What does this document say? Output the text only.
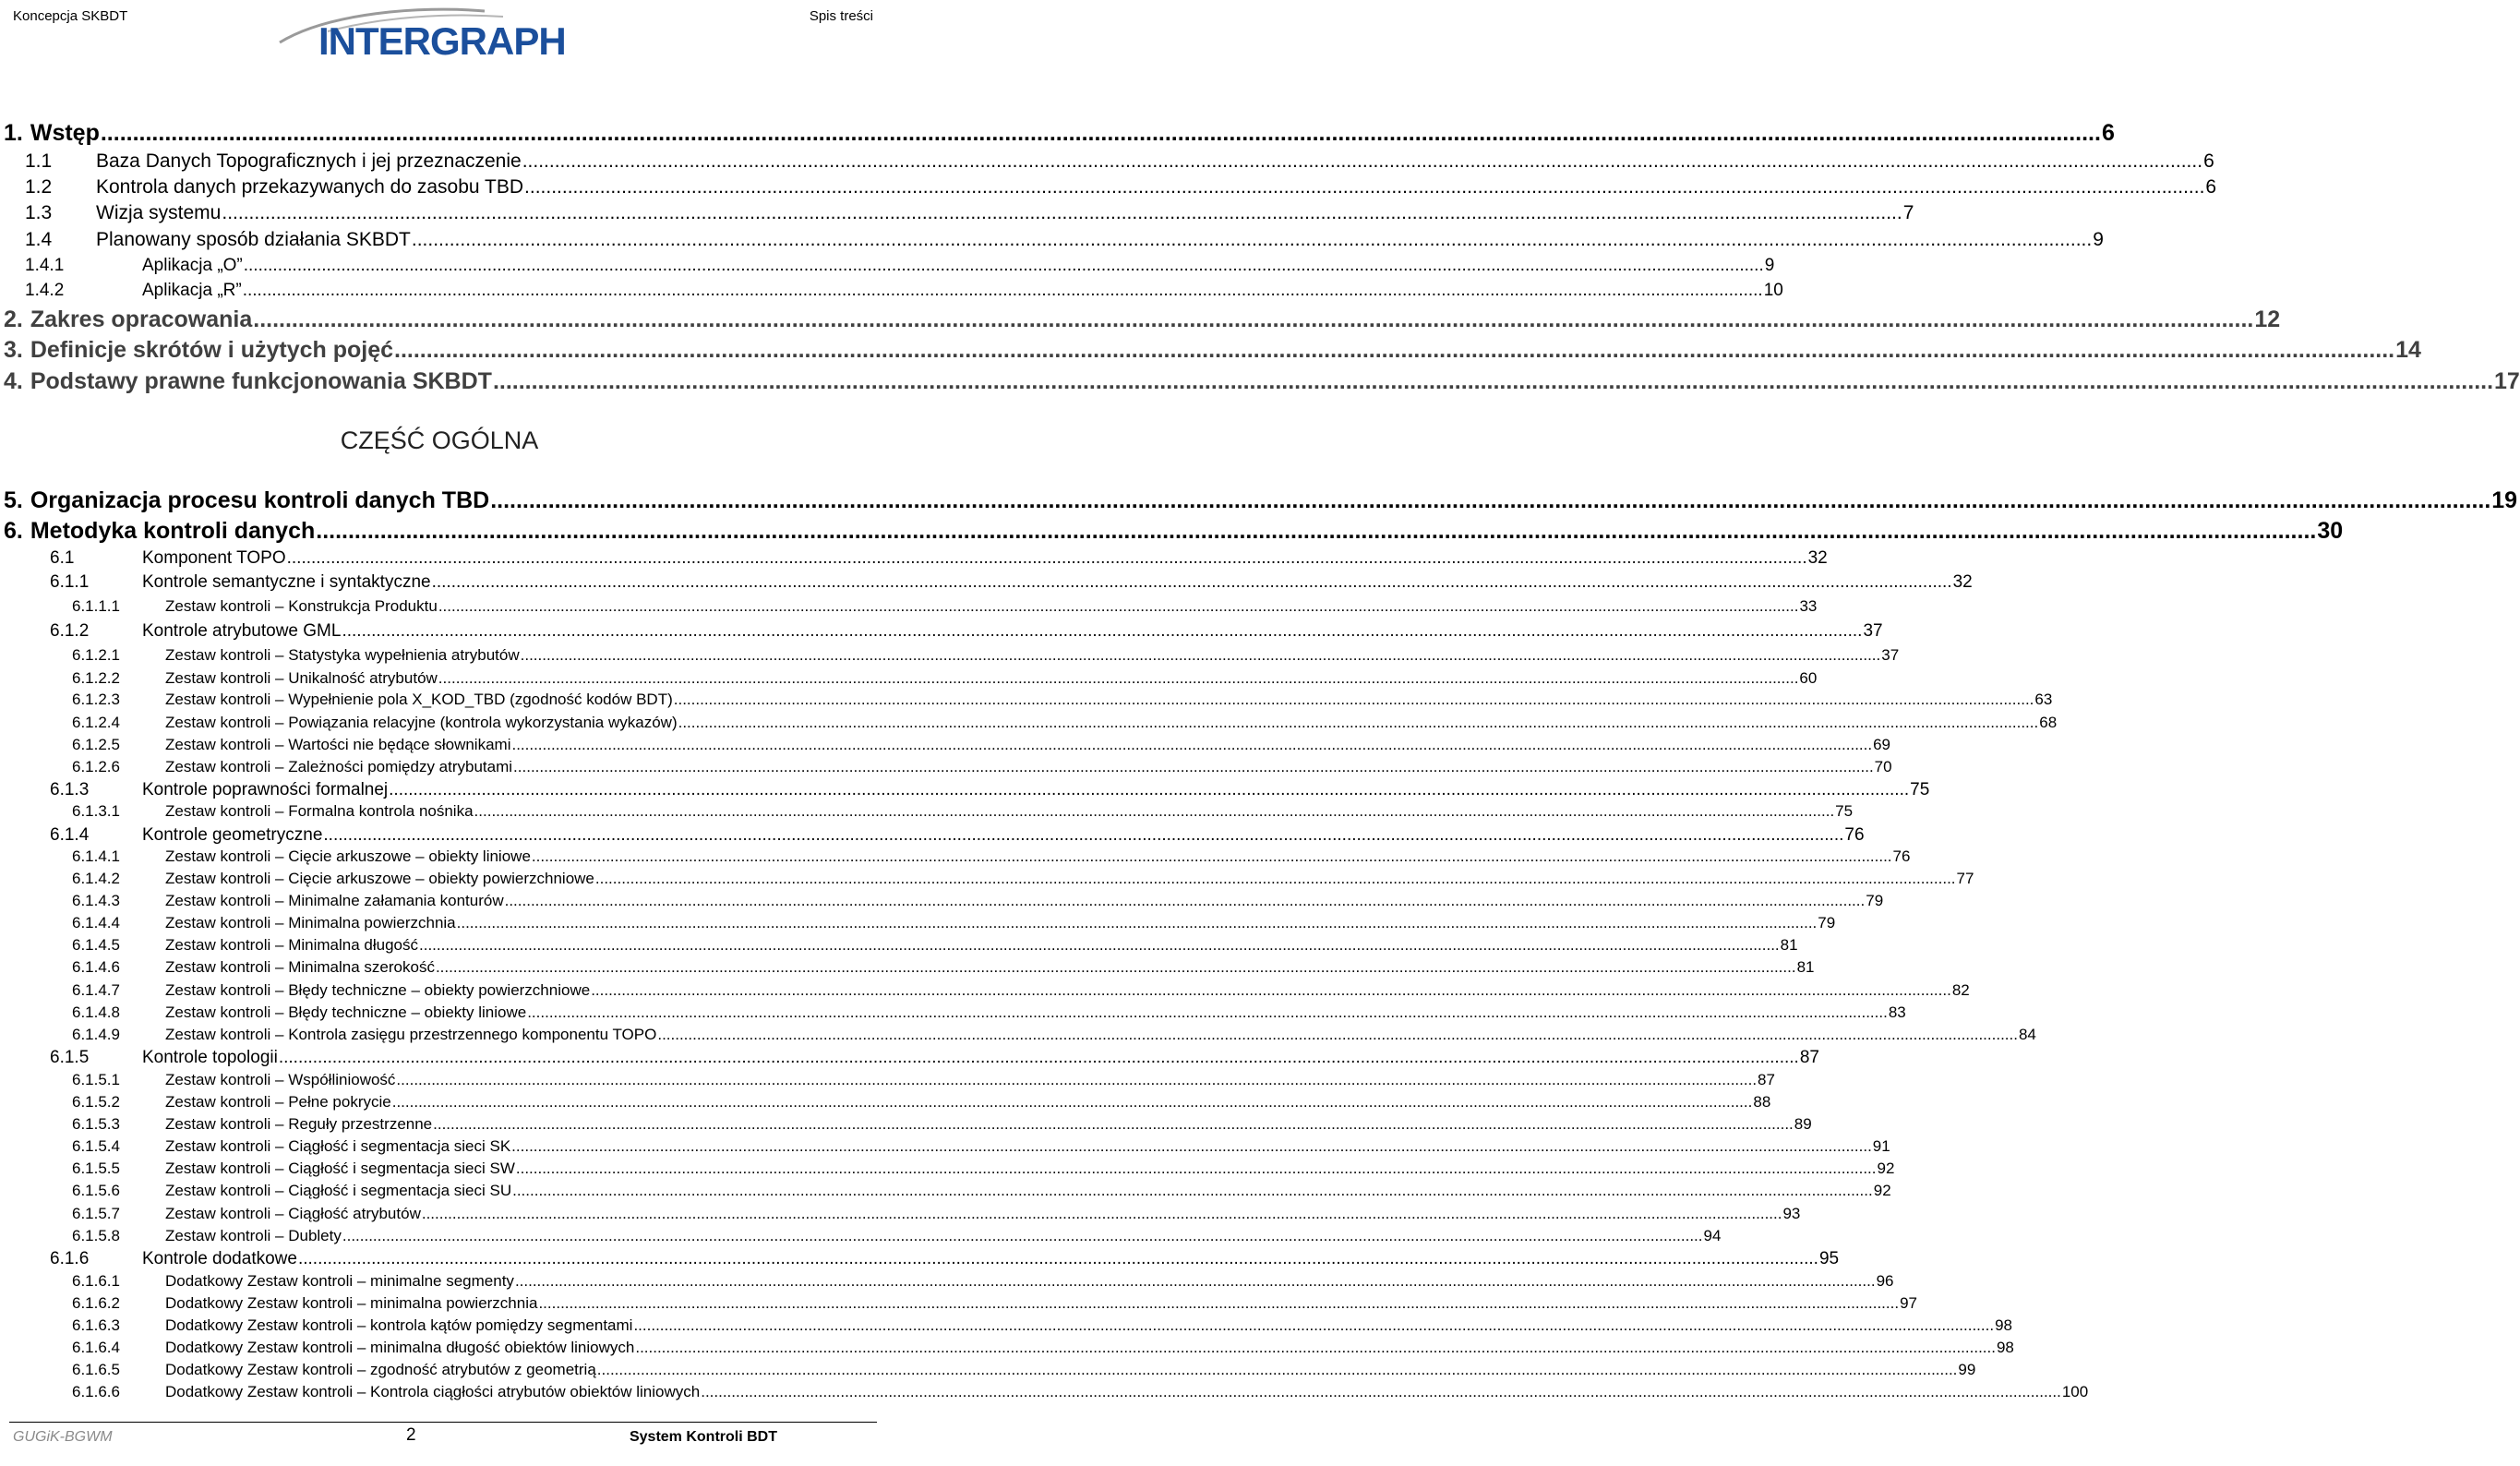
Koncepcja SKBDT
INTERGRAPH
Spis treści
1. Wstęp .....	6
1.1	Baza Danych Topograficznych i jej przeznaczenie .....	6
1.2	Kontrola danych przekazywanych do zasobu TBD .....	6
1.3	Wizja systemu .....	7
1.4	Planowany sposób działania SKBDT .....	9
1.4.1	Aplikacja „O” .....	9
1.4.2	Aplikacja „R” .....	10
2. Zakres opracowania .....	12
3. Definicje skrótów i użytych pojęć .....	14
4. Podstawy prawne funkcjonowania SKBDT .....	17
5. Organizacja procesu kontroli danych TBD .....	19
6. Metodyka kontroli danych .....	30
6.1	Komponent TOPO .....	32
6.1.1	Kontrole semantyczne i syntaktyczne .....	32
6.1.1.1	Zestaw kontroli – Konstrukcja Produktu .....	33
6.1.2	Kontrole atrybutowe GML .....	37
6.1.2.1	Zestaw kontroli – Statystyka wypełnienia atrybutów .....	37
6.1.2.2	Zestaw kontroli – Unikalność atrybutów .....	60
6.1.2.3	Zestaw kontroli – Wypełnienie pola X_KOD_TBD (zgodność kodów BDT) .....	63
6.1.2.4	Zestaw kontroli – Powiązania relacyjne (kontrola wykorzystania wykazów) .....	68
6.1.2.5	Zestaw kontroli – Wartości nie będące słownikami .....	69
6.1.2.6	Zestaw kontroli – Zależności pomiędzy atrybutami .....	70
6.1.3	Kontrole poprawności formalnej .....	75
6.1.3.1	Zestaw kontroli – Formalna kontrola nośnika .....	75
6.1.4	Kontrole geometryczne .....	76
6.1.4.1	Zestaw kontroli – Cięcie arkuszowe – obiekty liniowe .....	76
6.1.4.2	Zestaw kontroli – Cięcie arkuszowe – obiekty powierzchniowe .....	77
6.1.4.3	Zestaw kontroli – Minimalne załamania konturów .....	79
6.1.4.4	Zestaw kontroli – Minimalna powierzchnia .....	79
6.1.4.5	Zestaw kontroli – Minimalna długość .....	81
6.1.4.6	Zestaw kontroli – Minimalna szerokość .....	81
6.1.4.7	Zestaw kontroli – Błędy techniczne – obiekty powierzchniowe .....	82
6.1.4.8	Zestaw kontroli – Błędy techniczne – obiekty liniowe .....	83
6.1.4.9	Zestaw kontroli – Kontrola zasięgu przestrzennego komponentu TOPO .....	84
6.1.5	Kontrole topologii .....	87
6.1.5.1	Zestaw kontroli – Współliniowość .....	87
6.1.5.2	Zestaw kontroli – Pełne pokrycie .....	88
6.1.5.3	Zestaw kontroli – Reguły przestrzenne .....	89
6.1.5.4	Zestaw kontroli – Ciągłość i segmentacja sieci SK .....	91
6.1.5.5	Zestaw kontroli – Ciągłość i segmentacja sieci SW .....	92
6.1.5.6	Zestaw kontroli – Ciągłość i segmentacja sieci SU .....	92
6.1.5.7	Zestaw kontroli – Ciągłość atrybutów .....	93
6.1.5.8	Zestaw kontroli – Dublety .....	94
6.1.6	Kontrole dodatkowe .....	95
6.1.6.1	Dodatkowy Zestaw kontroli – minimalne segmenty .....	96
6.1.6.2	Dodatkowy Zestaw kontroli – minimalna powierzchnia .....	97
6.1.6.3	Dodatkowy Zestaw kontroli – kontrola kątów pomiędzy segmentami .....	98
6.1.6.4	Dodatkowy Zestaw kontroli – minimalna długość obiektów liniowych .....	98
6.1.6.5	Dodatkowy Zestaw kontroli – zgodność atrybutów z geometrią .....	99
6.1.6.6	Dodatkowy Zestaw kontroli – Kontrola ciągłości atrybutów obiektów liniowych .....	100
CZĘŚĆ OGÓLNA
GUGiK-BGWM	2	System Kontroli BDT
